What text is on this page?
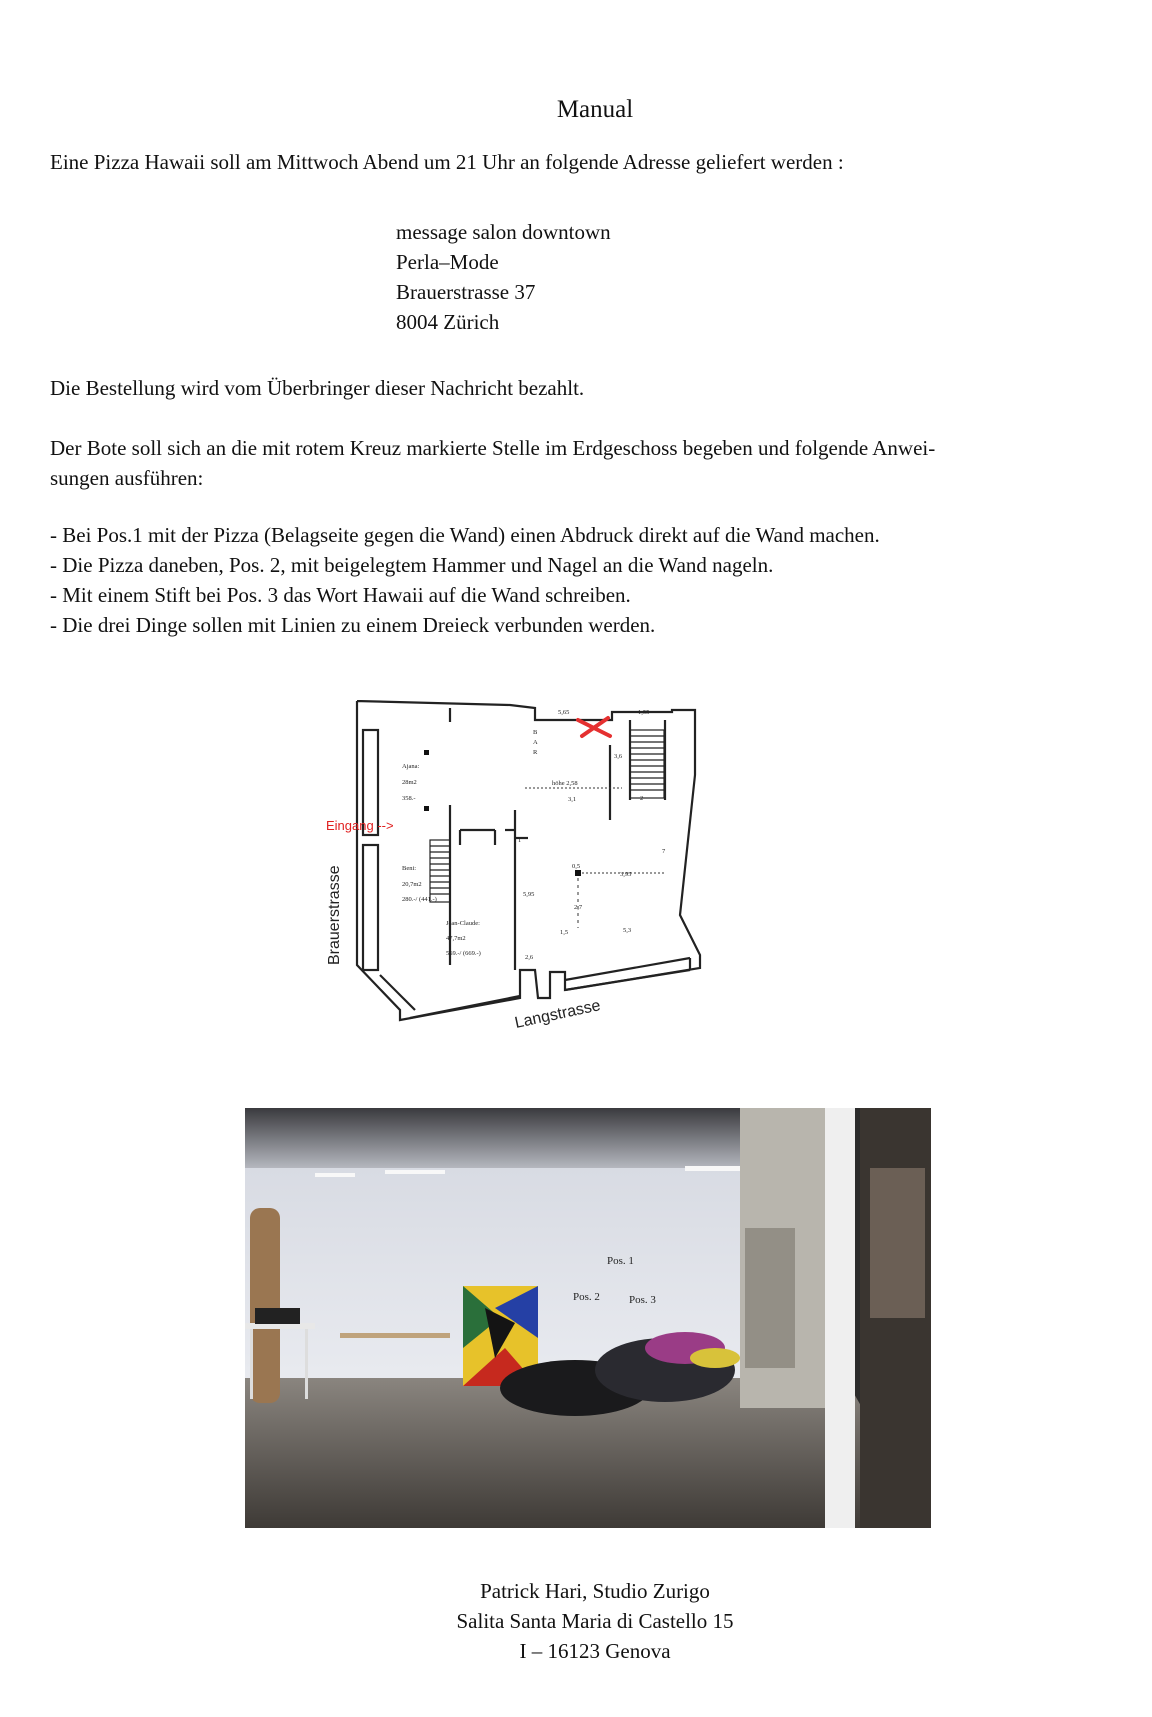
Manual
Eine Pizza Hawaii soll am Mittwoch Abend um 21 Uhr an folgende Adresse geliefert werden :
message salon downtown
Perla–Mode
Brauerstrasse 37
8004 Zürich
Die Bestellung wird vom Überbringer dieser Nachricht bezahlt.
Der Bote soll sich an die mit rotem Kreuz markierte Stelle im Erdgeschoss begeben und folgende Anwei-
sungen ausführen:
- Bei Pos.1 mit der Pizza (Belagseite gegen die Wand) einen Abdruck direkt auf die Wand machen.
- Die Pizza daneben, Pos. 2, mit beigelegtem Hammer und Nagel an die Wand nageln.
- Mit einem Stift bei Pos. 3 das Wort Hawaii auf die Wand schreiben.
- Die drei Dinge sollen mit Linien zu einem Dreieck verbunden werden.
5,65	1,55
3,6
2
höhe 2,58
3,1
7
0,5
3,95
5,95
2,7
1,5	5,3
2,6
1
B
A
R
Ajana:
28m2
358.-
Beni:
20,7m2
280.-/ (441.-)
Jean-Claude:
47,7m2
569.-/ (669.-)
Eingang -->
Brauerstrasse
Langstrasse
Pos. 1
Pos. 2	Pos. 3
Patrick Hari, Studio Zurigo
Salita Santa Maria di Castello 15
I – 16123 Genova
